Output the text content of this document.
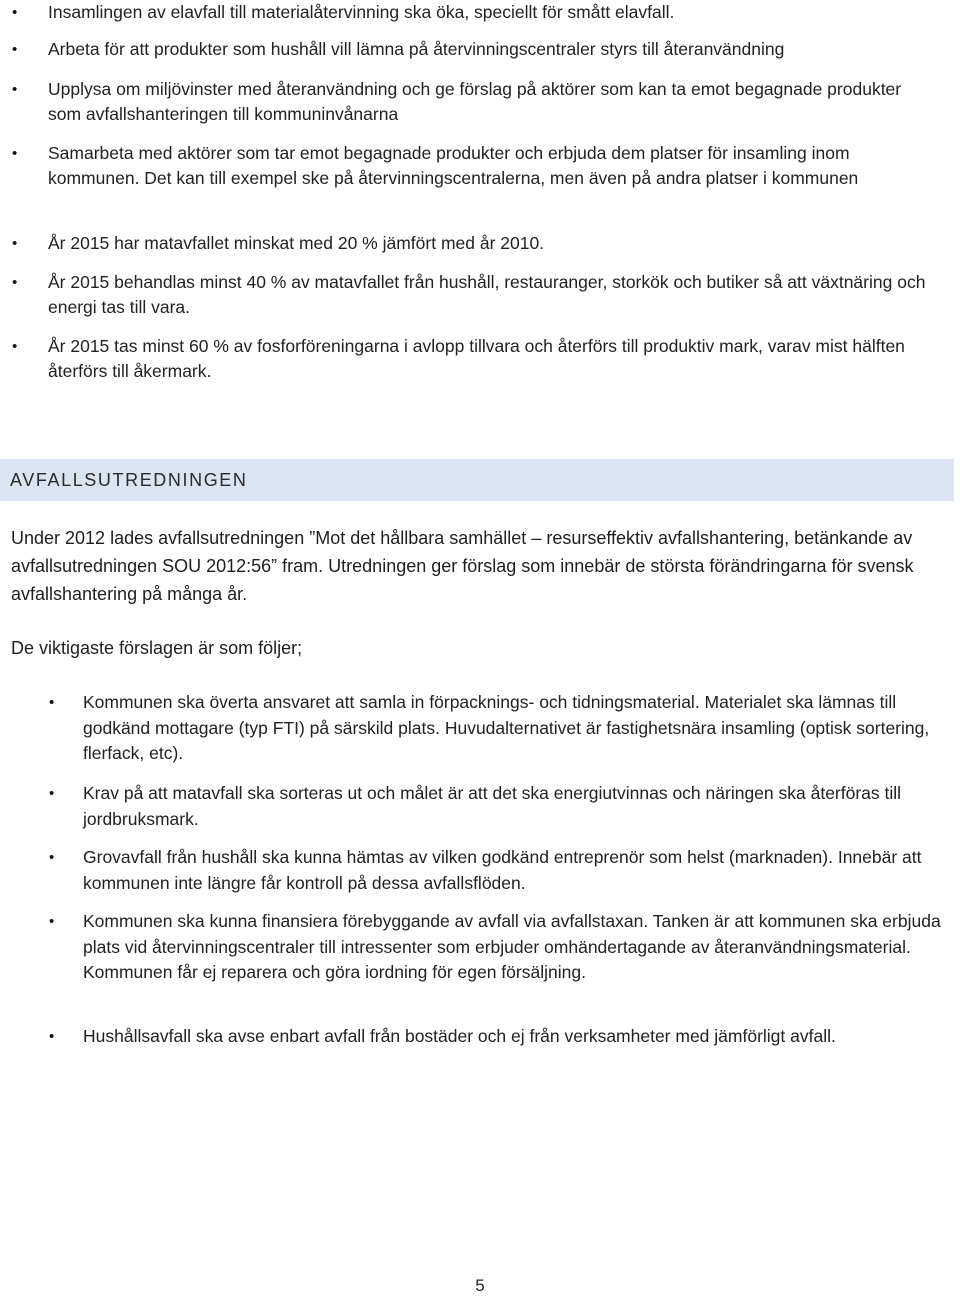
• Insamlingen av elavfall till materialåtervinning ska öka, speciellt för smått elavfall.
• Arbeta för att produkter som hushåll vill lämna på återvinningscentraler styrs till återanvändning
• Upplysa om miljövinster med återanvändning och ge förslag på aktörer som kan ta emot begagnade produkter som avfallshanteringen till kommuninvånarna
• Samarbeta med aktörer som tar emot begagnade produkter och erbjuda dem platser för insamling inom kommunen. Det kan till exempel ske på återvinningscentralerna, men även på andra platser i kommunen
• År 2015 har matavfallet minskat med 20 % jämfört med år 2010.
• År 2015 behandlas minst 40 % av matavfallet från hushåll, restauranger, storkök och butiker så att växtnäring och energi tas till vara.
• År 2015 tas minst 60 % av fosforföreningarna i avlopp tillvara och återförs till produktiv mark, varav mist hälften återförs till åkermark.
AVFALLSUTREDNINGEN

Under 2012 lades avfallsutredningen ”Mot det hållbara samhället – resurseffektiv avfallshantering, betänkande av avfallsutredningen SOU 2012:56” fram. Utredningen ger förslag som innebär de största förändringarna för svensk avfallshantering på många år.

De viktigaste förslagen är som följer;

• Kommunen ska överta ansvaret att samla in förpacknings- och tidningsmaterial. Materialet ska lämnas till godkänd mottagare (typ FTI) på särskild plats. Huvudalternativet är fastighetsnära insamling (optisk sortering, flerfack, etc).
• Krav på att matavfall ska sorteras ut och målet är att det ska energiutvinnas och näringen ska återföras till jordbruksmark.
• Grovavfall från hushåll ska kunna hämtas av vilken godkänd entreprenör som helst (marknaden). Innebär att kommunen inte längre får kontroll på dessa avfallsflöden.
• Kommunen ska kunna finansiera förebyggande av avfall via avfallstaxan. Tanken är att kommunen ska erbjuda plats vid återvinningscentraler till intressenter som erbjuder omhändertagande av återanvändningsmaterial. Kommunen får ej reparera och göra iordning för egen försäljning.
• Hushållsavfall ska avse enbart avfall från bostäder och ej från verksamheter med jämförligt avfall.
5
